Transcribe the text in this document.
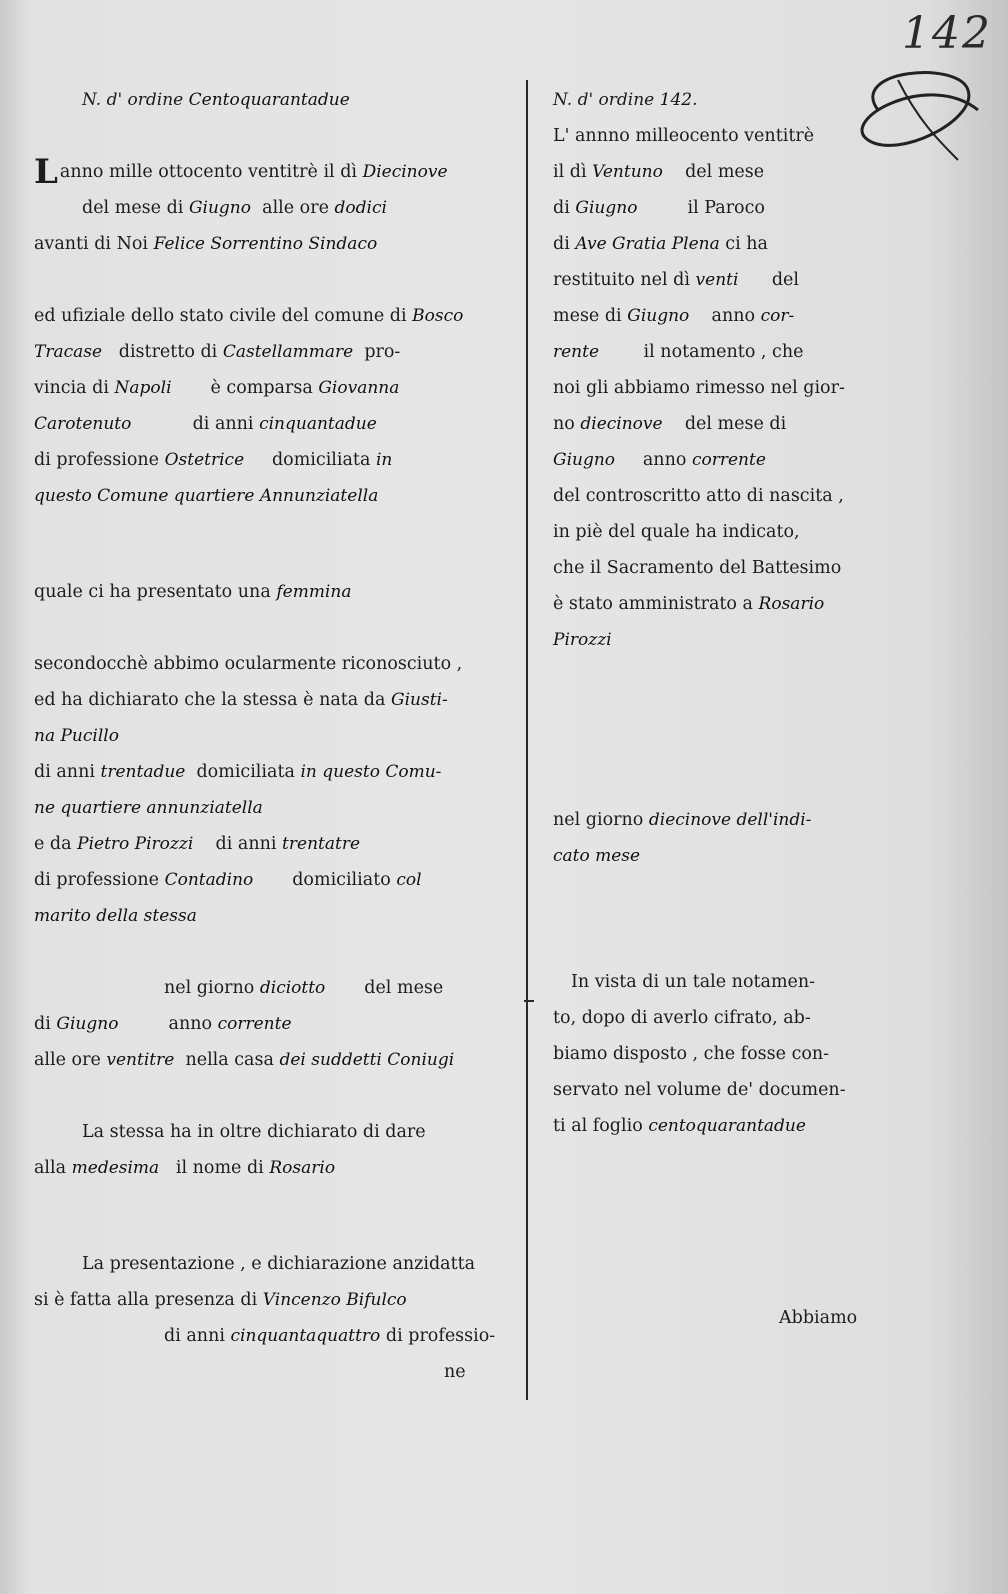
142
N. d' ordine Centoquarantadue
Lanno mille ottocento ventitrè il dì Diecinove
del mese di Giugno alle ore dodici
avanti di Noi Felice Sorrentino Sindaco
ed ufiziale dello stato civile del comune di Bosco
Tracase distretto di Castellammare pro-
vincia di Napoli è comparsa Giovanna
Carotenuto	di anni cinquantadue
di professione Ostetrice domiciliata in
questo Comune quartiere Annunziatella
quale ci ha presentato una femmina
secondocchè abbimo ocularmente riconosciuto ,
ed ha dichiarato che la stessa è nata da Giusti-
na Pucillo
di anni trentadue domiciliata in questo Comu-
ne quartiere annunziatella
e da Pietro Pirozzi di anni trentatre
di professione Contadino domiciliato col
marito della stessa
nel giorno diciotto del mese
di Giugno	anno corrente
alle ore ventitre nella casa dei suddetti Coniugi
La stessa ha in oltre dichiarato di dare
alla medesima il nome di Rosario
La presentazione , e dichiarazione anzidatta
si è fatta alla presenza di Vincenzo Bifulco
di anni cinquantaquattro di professio-
ne
N. d' ordine 142.
L' annno milleocento ventitrè
il dì Ventuno del mese
di Giugno	il Paroco
di Ave Gratia Plena ci ha
restituito nel dì venti del
mese di Giugno anno cor-
rente	il notamento , che
noi gli abbiamo rimesso nel gior-
no diecinove del mese di
Giugno anno corrente
del controscritto atto di nascita ,
in piè del quale ha indicato,
che il Sacramento del Battesimo
è stato amministrato a Rosario
Pirozzi
nel giorno diecinove dell'indi-
cato mese
In vista di un tale notamen-
to, dopo di averlo cifrato, ab-
biamo disposto , che fosse con-
servato nel volume de' documen-
ti al foglio centoquarantadue
Abbiamo
